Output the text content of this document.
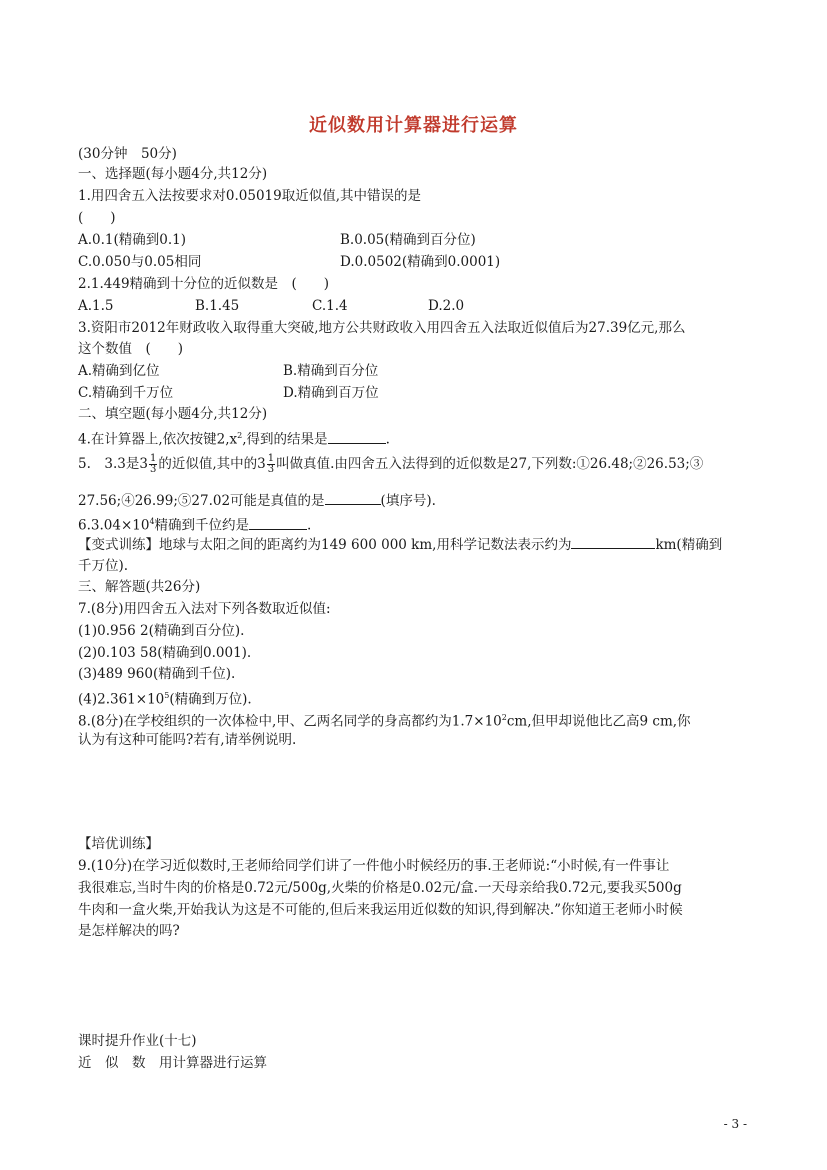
近似数用计算器进行运算
(30分钟　50分)
一、选择题(每小题4分,共12分)
1.用四舍五入法按要求对0.05019取近似值,其中错误的是
(　　)
A.0.1(精确到0.1)	B.0.05(精确到百分位)
C.0.050与0.05相同	D.0.0502(精确到0.0001)
2.1.449精确到十分位的近似数是　(　　)
A.1.5	B.1.45	C.1.4	D.2.0
3.资阳市2012年财政收入取得重大突破,地方公共财政收入用四舍五入法取近似值后为27.39亿元,那么
这个数值　(　　)
A.精确到亿位	B.精确到百分位
C.精确到千万位	D.精确到百万位
二、填空题(每小题4分,共12分)
4.在计算器上,依次按键$2,x^2$,得到的结果是	.
5.　3.3是$3 \frac{1}{3}$ 的近似值,其中的$3 \frac{1}{3}$ 叫做真值.由四舍五入法得到的近似数是27,下列数:①26.48;②26.53;③
27.56;④26.99;⑤27.02可能是真值的是	(填序号).
$6.3.04\times 10^4$精确到千位约是	.
【变式训练】地球与太阳之间的距离约为149 600 000 km,用科学记数法表示约为	km(精确到
千万位).
三、解答题(共26分)
7.(8分)用四舍五入法对下列各数取近似值:
(1)0.956 2(精确到百分位).
(2)0.103 58(精确到0.001).
(3)489 960(精确到千位).
$(4)2.361\times 10^5$(精确到万位).
8.(8分)在学校组织的一次体检中,甲、乙两名同学的身高都约为$1.7\times 10^2cm$,但甲却说他比乙高9 cm,你
认为有这种可能吗?若有,请举例说明.
【培优训练】
9.(10分)在学习近似数时,王老师给同学们讲了一件他小时候经历的事.王老师说:“小时候,有一件事让
我很难忘,当时牛肉的价格是0.72元/500g,火柴的价格是0.02元/盒.一天母亲给我0.72元,要我买500g
牛肉和一盒火柴,开始我认为这是不可能的,但后来我运用近似数的知识,得到解决.”你知道王老师小时候
是怎样解决的吗?
课时提升作业(十七)
近　似　数　用计算器进行运算
- 3 -
